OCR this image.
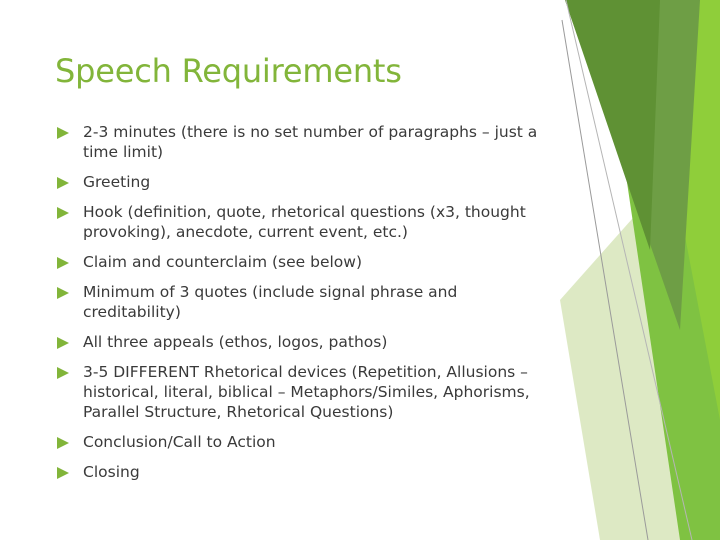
Speech Requirements
2-3 minutes (there is no set number of paragraphs – just a time limit)
Greeting
Hook (definition, quote, rhetorical questions (x3, thought provoking), anecdote, current event, etc.)
Claim and counterclaim (see below)
Minimum of 3 quotes (include signal phrase and creditability)
All three appeals (ethos, logos, pathos)
3-5 DIFFERENT Rhetorical devices (Repetition, Allusions – historical, literal, biblical – Metaphors/Similes, Aphorisms, Parallel Structure, Rhetorical Questions)
Conclusion/Call to Action
Closing
